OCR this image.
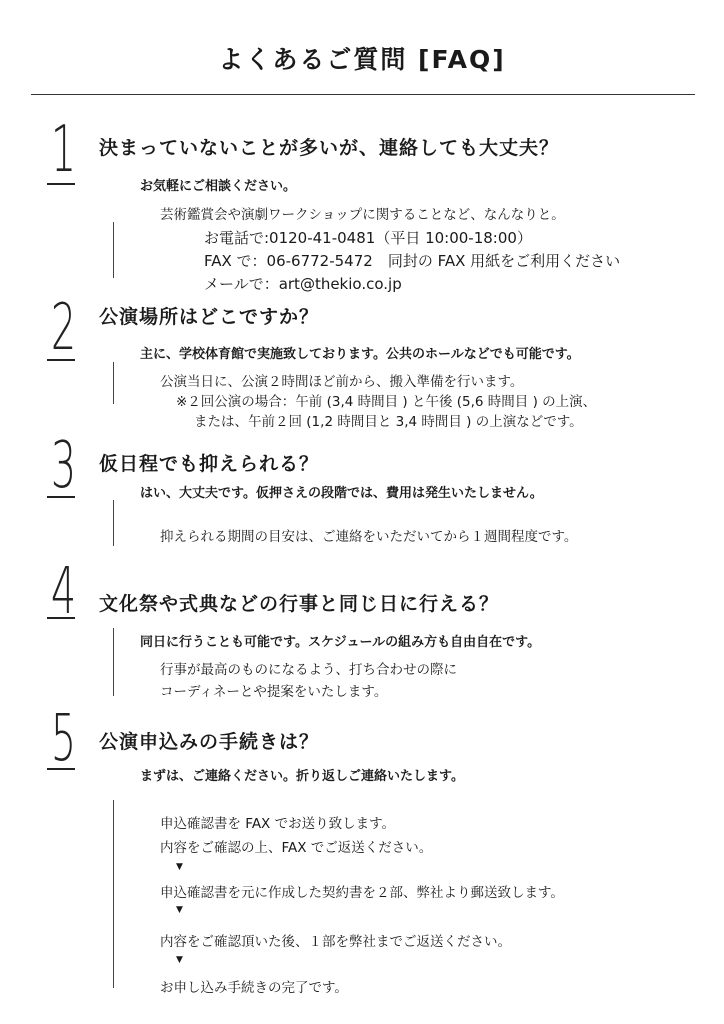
よくあるご質問 [FAQ]
1 決まっていないことが多いが、連絡しても大丈夫？
お気軽にご相談ください。
芸術鑑賞会や演劇ワークショップに関することなど、なんなりと。
お電話で:0120-41-0481（平日 10:00-18:00）
FAX で：06-6772-5472　同封の FAX 用紙をご利用ください
メールで：art@thekio.co.jp
2 公演場所はどこですか？
主に、学校体育館で実施致しております。公共のホールなどでも可能です。
公演当日に、公演２時間ほど前から、搬入準備を行います。
※２回公演の場合：午前 (3,4 時間目 ) と午後 (5,6 時間目 ) の上演、
または、午前２回 (1,2 時間目と 3,4 時間目 ) の上演などです。
3 仮日程でも抑えられる？
はい、大丈夫です。仮押さえの段階では、費用は発生いたしません。
抑えられる期間の目安は、ご連絡をいただいてから１週間程度です。
4 文化祭や式典などの行事と同じ日に行える？
同日に行うことも可能です。スケジュールの組み方も自由自在です。
行事が最高のものになるよう、打ち合わせの際に
コーディネーとや提案をいたします。
5 公演申込みの手続きは？
まずは、ご連絡ください。折り返しご連絡いたします。
申込確認書を FAX でお送り致します。
内容をご確認の上、FAX でご返送ください。
▼
申込確認書を元に作成した契約書を２部、弊社より郵送致します。
▼
内容をご確認頂いた後、１部を弊社までご返送ください。
▼
お申し込み手続きの完了です。
